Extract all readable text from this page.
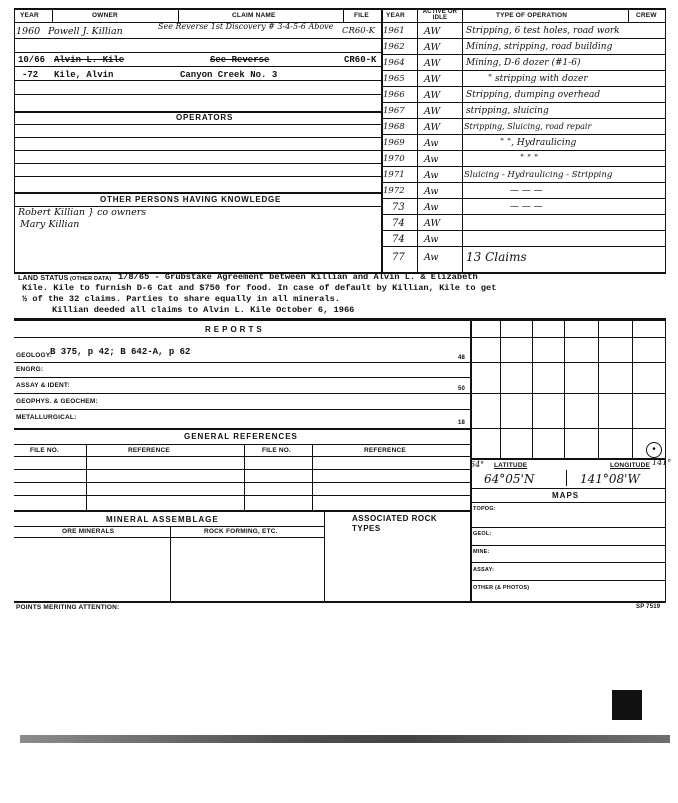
YEAR	OWNER	CLAIM NAME	FILE	YEAR	ACTIVE OR IDLE	TYPE OF OPERATION	CREW
1960 Powell J. Killian	See Reverse 1st Discovery # 3-4-5-6 Above CR60-K
10/66 Alvin L. Kile	See Reverse	CR60-K
-72 Kile, Alvin	Canyon Creek No. 3
OPERATORS
OTHER PERSONS HAVING KNOWLEDGE
Robert Killian } co owners
Mary Killian
1961 AW	Stripping, 6 test holes, road work
1962 AW	Mining, stripping, road building
1964 AW	Mining, D-6 dozer (#1-6)
1965 AW	" stripping with dozer
1966 AW	Stripping, dumping overhead
1967 AW	stripping, sluicing
1968 AW	Stripping, Sluicing, road repair
1969 Aw	" ", Hydraulicing
1970 Aw	" " "
1971 Aw	Sluicing - Hydraulicing - Stripping
1972 Aw	— — —
73 Aw	— — —
74 AW
74 Aw
77 Aw 13 Claims
LAND STATUS (OTHER DATA) 1/8/65 - Grubstake Agreement between Killian and Alvin L. & Elizabeth
Kile. Kile to furnish D-6 Cat and $750 for food. In case of default by Killian, Kile to get
½ of the 32 claims. Parties to share equally in all minerals.
Killian deeded all claims to Alvin L. Kile October 6, 1966
REPORTS
GEOLOGY:
B 375, p 42; B 642-A, p 62
48
ENGRG:
ASSAY & IDENT:	50
GEOPHYS. & GEOCHEM:
METALLURGICAL:
18
GENERAL REFERENCES
FILE NO.	REFERENCE	FILE NO.	REFERENCE
MINERAL ASSEMBLAGE
ORE MINERALS	ROCK FORMING, ETC.
ASSOCIATED ROCK TYPES
•
64° LATITUDE	LONGITUDE 141°
64°05'N	141°08'W
MAPS
TOPOG:
GEOL:
MINE:
ASSAY:
OTHER (& PHOTOS)
POINTS MERITING ATTENTION:	SP 7519
